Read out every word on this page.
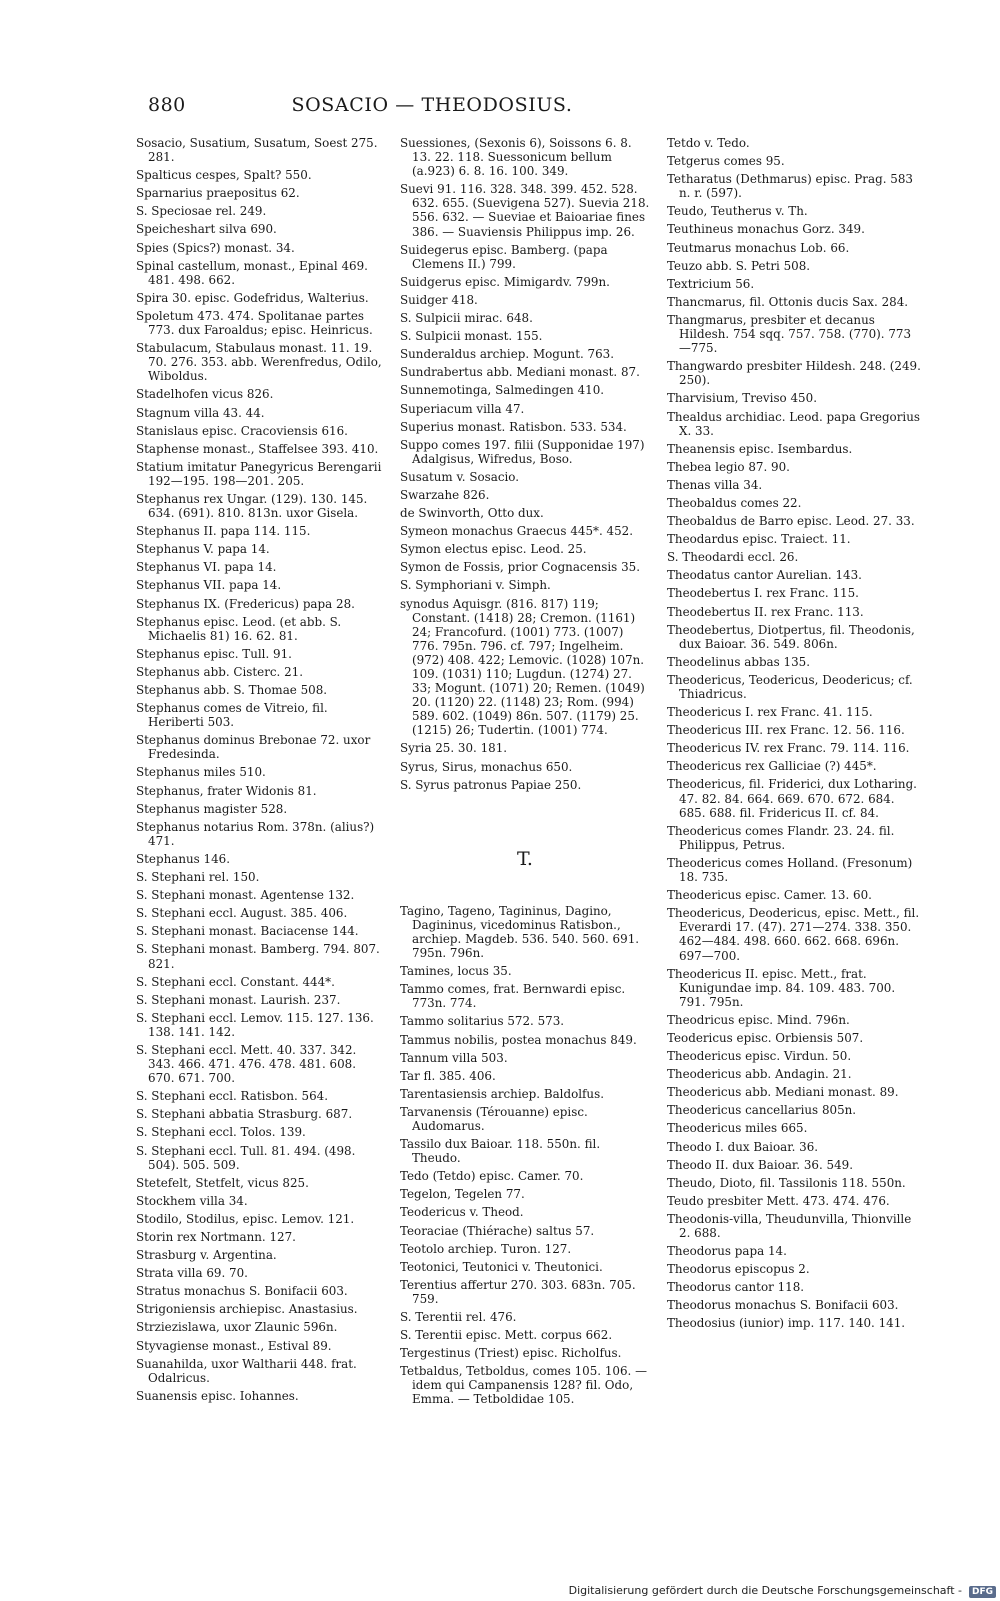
880	SOSACIO — THEODOSIUS.
Sosacio, Susatium, Susatum, Soest 275. 281.
Spalticus cespes, Spalt? 550.
Sparnarius praepositus 62.
S. Speciosae rel. 249.
Speicheshart silva 690.
Spies (Spics?) monast. 34.
Spinal castellum, monast., Epinal 469. 481. 498. 662.
Spira 30. episc. Godefridus, Walterius.
Spoletum 473. 474. Spolitanae partes 773. dux Faroaldus; episc. Heinricus.
Stabulacum, Stabulaus monast. 11. 19. 70. 276. 353. abb. Werenfredus, Odilo, Wiboldus.
Stadelhofen vicus 826.
Stagnum villa 43. 44.
Stanislaus episc. Cracoviensis 616.
Staphense monast., Staffelsee 393. 410.
Statium imitatur Panegyricus Berengarii 192—195. 198—201. 205.
Stephanus rex Ungar. (129). 130. 145. 634. (691). 810. 813n. uxor Gisela.
Stephanus II. papa 114. 115.
Stephanus V. papa 14.
Stephanus VI. papa 14.
Stephanus VII. papa 14.
Stephanus IX. (Fredericus) papa 28.
Stephanus episc. Leod. (et abb. S. Michaelis 81) 16. 62. 81.
Stephanus episc. Tull. 91.
Stephanus abb. Cisterc. 21.
Stephanus abb. S. Thomae 508.
Stephanus comes de Vitreio, fil. Heriberti 503.
Stephanus dominus Brebonae 72. uxor Fredesinda.
Stephanus miles 510.
Stephanus, frater Widonis 81.
Stephanus magister 528.
Stephanus notarius Rom. 378n. (alius?) 471.
Stephanus 146.
S. Stephani rel. 150.
S. Stephani monast. Agentense 132.
S. Stephani eccl. August. 385. 406.
S. Stephani monast. Baciacense 144.
S. Stephani monast. Bamberg. 794. 807. 821.
S. Stephani eccl. Constant. 444*.
S. Stephani monast. Laurish. 237.
S. Stephani eccl. Lemov. 115. 127. 136. 138. 141. 142.
S. Stephani eccl. Mett. 40. 337. 342. 343. 466. 471. 476. 478. 481. 608. 670. 671. 700.
S. Stephani eccl. Ratisbon. 564.
S. Stephani abbatia Strasburg. 687.
S. Stephani eccl. Tolos. 139.
S. Stephani eccl. Tull. 81. 494. (498. 504). 505. 509.
Stetefelt, Stetfelt, vicus 825.
Stockhem villa 34.
Stodilo, Stodilus, episc. Lemov. 121.
Storin rex Nortmann. 127.
Strasburg v. Argentina.
Strata villa 69. 70.
Stratus monachus S. Bonifacii 603.
Strigoniensis archiepisc. Anastasius.
Strziezislawa, uxor Zlaunic 596n.
Styvagiense monast., Estival 89.
Suanahilda, uxor Waltharii 448. frat. Odalricus.
Suanensis episc. Iohannes.
Suessiones, (Sexonis 6), Soissons 6. 8. 13. 22. 118. Suessonicum bellum (a.923) 6. 8. 16. 100. 349.
Suevi 91. 116. 328. 348. 399. 452. 528. 632. 655. (Suevigena 527). Suevia 218. 556. 632. — Sueviae et Baioariae fines 386. — Suaviensis Philippus imp. 26.
Suidegerus episc. Bamberg. (papa Clemens II.) 799.
Suidgerus episc. Mimigardv. 799n.
Suidger 418.
S. Sulpicii mirac. 648.
S. Sulpicii monast. 155.
Sunderaldus archiep. Mogunt. 763.
Sundrabertus abb. Mediani monast. 87.
Sunnemotinga, Salmedingen 410.
Superiacum villa 47.
Superius monast. Ratisbon. 533. 534.
Suppo comes 197. filii (Supponidae 197) Adalgisus, Wifredus, Boso.
Susatum v. Sosacio.
Swarzahe 826.
de Swinvorth, Otto dux.
Symeon monachus Graecus 445*. 452.
Symon electus episc. Leod. 25.
Symon de Fossis, prior Cognacensis 35.
S. Symphoriani v. Simph.
synodus Aquisgr. (816. 817) 119; Constant. (1418) 28; Cremon. (1161) 24; Francofurd. (1001) 773. (1007) 776. 795n. 796. cf. 797; Ingelheim. (972) 408. 422; Lemovic. (1028) 107n. 109. (1031) 110; Lugdun. (1274) 27. 33; Mogunt. (1071) 20; Remen. (1049) 20. (1120) 22. (1148) 23; Rom. (994) 589. 602. (1049) 86n. 507. (1179) 25. (1215) 26; Tudertin. (1001) 774.
Syria 25. 30. 181.
Syrus, Sirus, monachus 650.
S. Syrus patronus Papiae 250.
T.
Tagino, Tageno, Tagininus, Dagino, Dagininus, vicedominus Ratisbon., archiep. Magdeb. 536. 540. 560. 691. 795n. 796n.
Tamines, locus 35.
Tammo comes, frat. Bernwardi episc. 773n. 774.
Tammo solitarius 572. 573.
Tammus nobilis, postea monachus 849.
Tannum villa 503.
Tar fl. 385. 406.
Tarentasiensis archiep. Baldolfus.
Tarvanensis (Térouanne) episc. Audomarus.
Tassilo dux Baioar. 118. 550n. fil. Theudo.
Tedo (Tetdo) episc. Camer. 70.
Tegelon, Tegelen 77.
Teodericus v. Theod.
Teoraciae (Thiérache) saltus 57.
Teotolo archiep. Turon. 127.
Teotonici, Teutonici v. Theutonici.
Terentius affertur 270. 303. 683n. 705. 759.
S. Terentii rel. 476.
S. Terentii episc. Mett. corpus 662.
Tergestinus (Triest) episc. Richolfus.
Tetbaldus, Tetboldus, comes 105. 106. — idem qui Campanensis 128? fil. Odo, Emma. — Tetboldidae 105.
Tetdo v. Tedo.
Tetgerus comes 95.
Tetharatus (Dethmarus) episc. Prag. 583 n. r. (597).
Teudo, Teutherus v. Th.
Teuthineus monachus Gorz. 349.
Teutmarus monachus Lob. 66.
Teuzo abb. S. Petri 508.
Textricium 56.
Thancmarus, fil. Ottonis ducis Sax. 284.
Thangmarus, presbiter et decanus Hildesh. 754 sqq. 757. 758. (770). 773—775.
Thangwardo presbiter Hildesh. 248. (249. 250).
Tharvisium, Treviso 450.
Thealdus archidiac. Leod. papa Gregorius X. 33.
Theanensis episc. Isembardus.
Thebea legio 87. 90.
Thenas villa 34.
Theobaldus comes 22.
Theobaldus de Barro episc. Leod. 27. 33.
Theodardus episc. Traiect. 11.
S. Theodardi eccl. 26.
Theodatus cantor Aurelian. 143.
Theodebertus I. rex Franc. 115.
Theodebertus II. rex Franc. 113.
Theodebertus, Diotpertus, fil. Theodonis, dux Baioar. 36. 549. 806n.
Theodelinus abbas 135.
Theodericus, Teodericus, Deodericus; cf. Thiadricus.
Theodericus I. rex Franc. 41. 115.
Theodericus III. rex Franc. 12. 56. 116.
Theodericus IV. rex Franc. 79. 114. 116.
Theodericus rex Galliciae (?) 445*.
Theodericus, fil. Friderici, dux Lotharing. 47. 82. 84. 664. 669. 670. 672. 684. 685. 688. fil. Fridericus II. cf. 84.
Theodericus comes Flandr. 23. 24. fil. Philippus, Petrus.
Theodericus comes Holland. (Fresonum) 18. 735.
Theodericus episc. Camer. 13. 60.
Theodericus, Deodericus, episc. Mett., fil. Everardi 17. (47). 271—274. 338. 350. 462—484. 498. 660. 662. 668. 696n. 697—700.
Theodericus II. episc. Mett., frat. Kunigundae imp. 84. 109. 483. 700. 791. 795n.
Theodricus episc. Mind. 796n.
Teodericus episc. Orbiensis 507.
Theodericus episc. Virdun. 50.
Theodericus abb. Andagin. 21.
Theodericus abb. Mediani monast. 89.
Theodericus cancellarius 805n.
Theodericus miles 665.
Theodo I. dux Baioar. 36.
Theodo II. dux Baioar. 36. 549.
Theudo, Dioto, fil. Tassilonis 118. 550n.
Teudo presbiter Mett. 473. 474. 476.
Theodonis-villa, Theudunvilla, Thionville 2. 688.
Theodorus papa 14.
Theodorus episcopus 2.
Theodorus cantor 118.
Theodorus monachus S. Bonifacii 603.
Theodosius (iunior) imp. 117. 140. 141.
Digitalisierung gefördert durch die Deutsche Forschungsgemeinschaft -	DFG
